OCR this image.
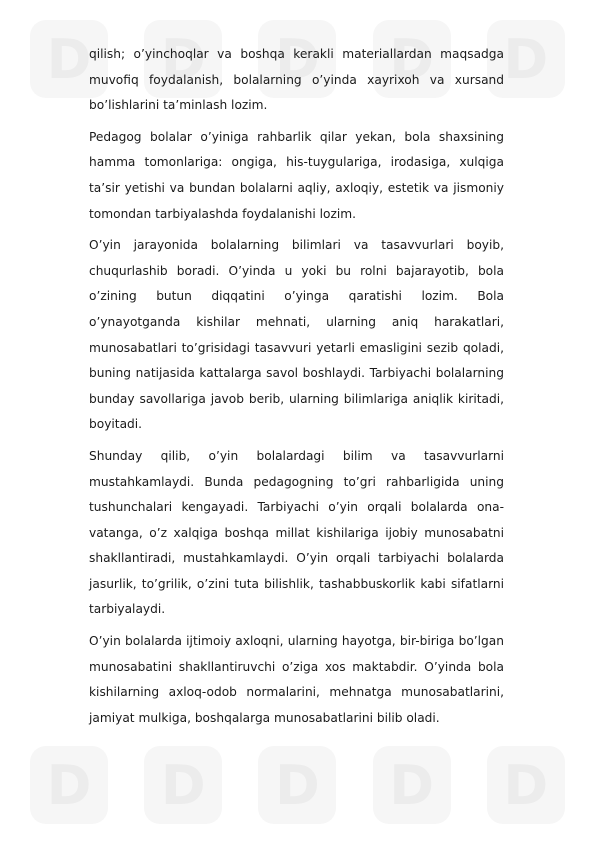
D	D	D	D	D
D	D	D	D	D

qilish; o’yinchoqlar va boshqa kerakli materiallardan maqsadga muvofiq foydalanish, bolalarning o’yinda xayrixoh va xursand bo’lishlarini ta’minlash lozim.

Pedagog bolalar o’yiniga rahbarlik qilar yekan, bola shaxsining hamma tomonlariga: ongiga, his-tuygulariga, irodasiga, xulqiga ta’sir yetishi va bundan bolalarni aqliy, axloqiy, estetik va jismoniy tomondan tarbiyalashda foydalanishi lozim.

O’yin jarayonida bolalarning bilimlari va tasavvurlari boyib, chuqurlashib boradi. O’yinda u yoki bu rolni bajarayotib, bola o’zining butun diqqatini o’yinga qaratishi lozim. Bola o’ynayotganda kishilar mehnati, ularning aniq harakatlari, munosabatlari to’grisidagi tasavvuri yetarli emasligini sezib qoladi, buning natijasida kattalarga savol boshlaydi. Tarbiyachi bolalarning bunday savollariga javob berib, ularning bilimlariga aniqlik kiritadi, boyitadi.

Shunday qilib, o’yin bolalardagi bilim va tasavvurlarni mustahkamlaydi. Bunda pedagogning to’gri rahbarligida uning tushunchalari kengayadi. Tarbiyachi o’yin orqali bolalarda ona-vatanga, o’z xalqiga boshqa millat kishilariga ijobiy munosabatni shakllantiradi, mustahkamlaydi. O’yin orqali tarbiyachi bolalarda jasurlik, to’grilik, o’zini tuta bilishlik, tashabbuskorlik kabi sifatlarni tarbiyalaydi.

O’yin bolalarda ijtimoiy axloqni, ularning hayotga, bir-biriga bo’lgan munosabatini shakllantiruvchi o’ziga xos maktabdir. O’yinda bola kishilarning axloq-odob normalarini, mehnatga munosabatlarini, jamiyat mulkiga, boshqalarga munosabatlarini bilib oladi.
